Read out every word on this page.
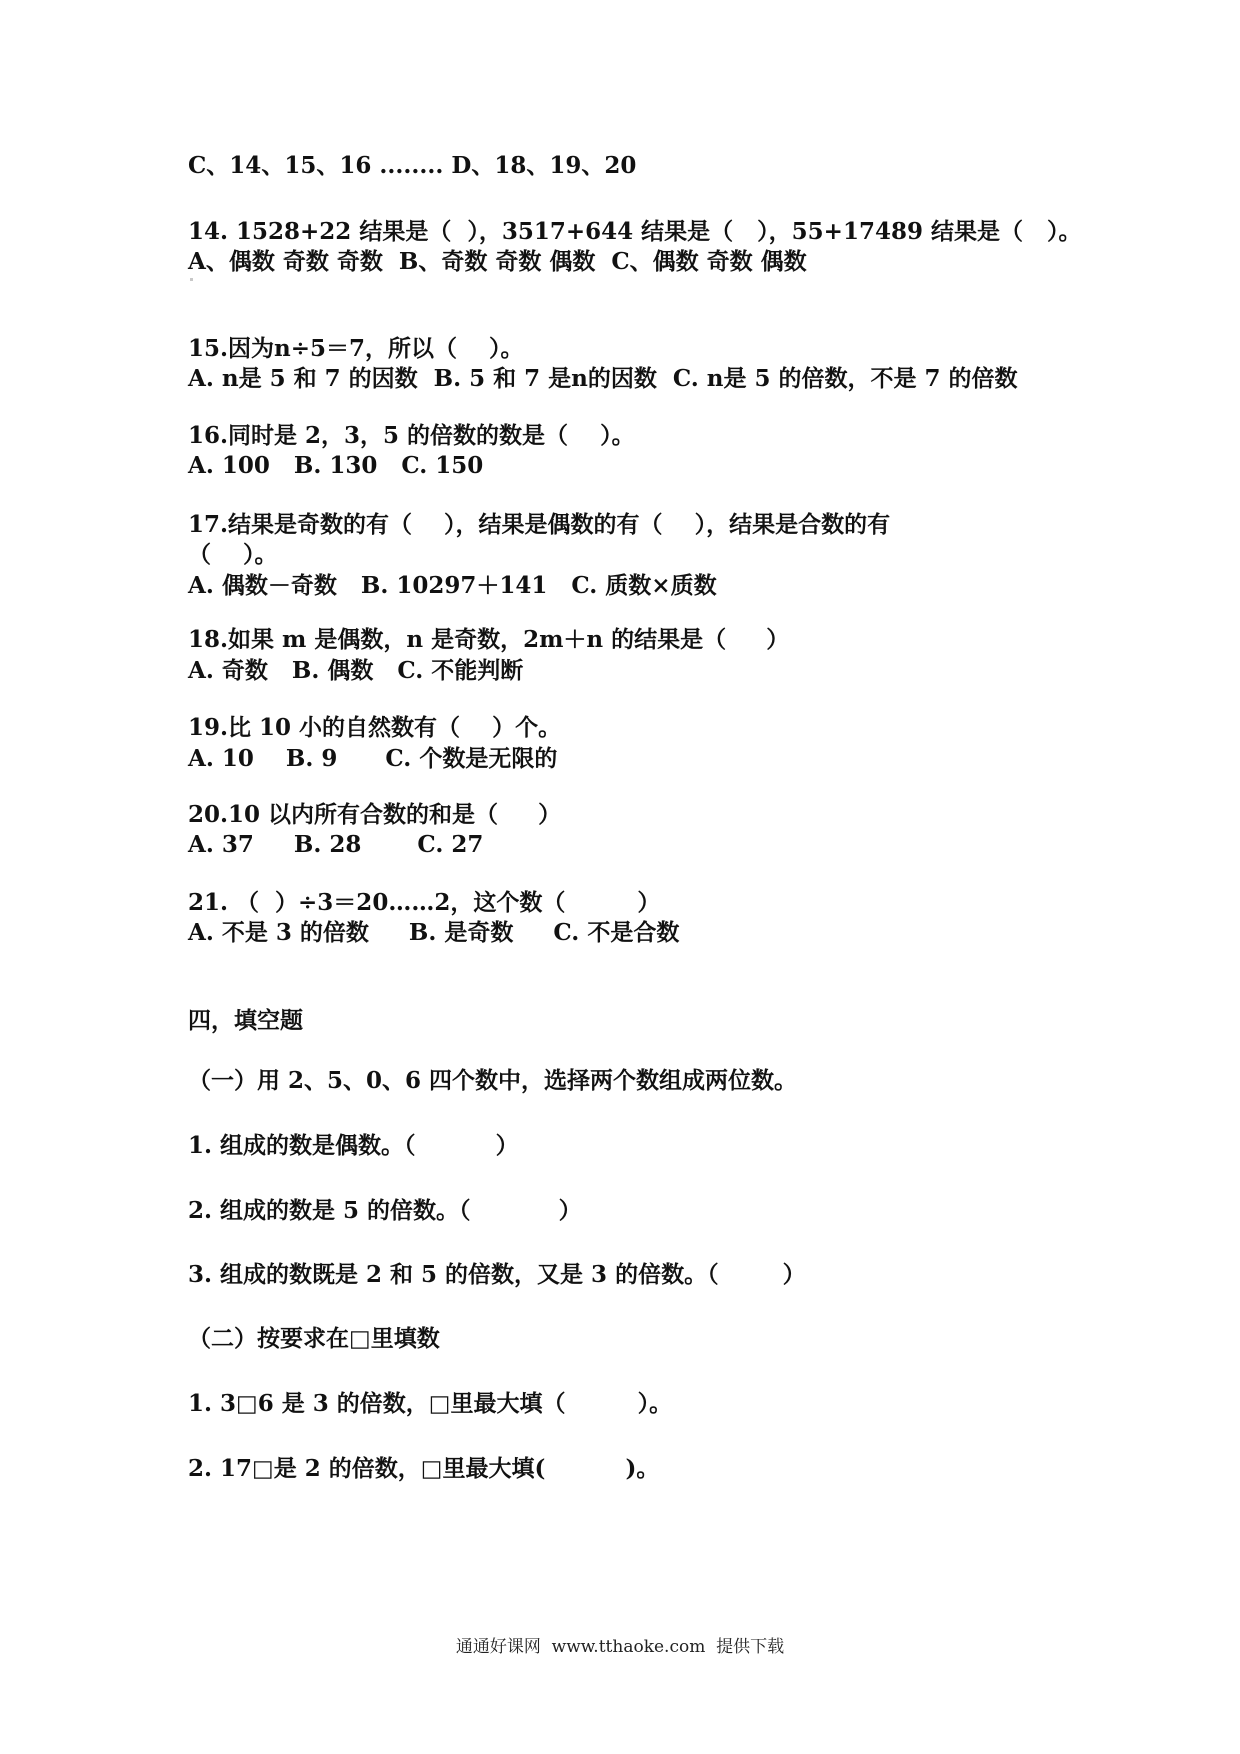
C、14、15、16 ........ D、18、19、20
14. 1528+22 结果是（  ），3517+644 结果是（   ），55+17489 结果是（   ）。
A、偶数 奇数 奇数  B、奇数 奇数 偶数  C、偶数 奇数 偶数
15.因为n÷5＝7，所以（    ）。
A. n是 5 和 7 的因数  B. 5 和 7 是n的因数  C. n是 5 的倍数，不是 7 的倍数
16.同时是 2，3，5 的倍数的数是（    ）。
A. 100   B. 130   C. 150
17.结果是奇数的有（    ），结果是偶数的有（    ），结果是合数的有
（    ）。
A. 偶数－奇数   B. 10297＋141   C. 质数×质数
18.如果 m 是偶数，n 是奇数，2m＋n 的结果是（     ）
A. 奇数   B. 偶数   C. 不能判断
19.比 10 小的自然数有（    ）个。
A. 10    B. 9      C. 个数是无限的
20.10 以内所有合数的和是（     ）
A. 37     B. 28       C. 27
21. （  ）÷3＝20……2，这个数（         ）
A. 不是 3 的倍数     B. 是奇数     C. 不是合数
四，填空题
（一）用 2、5、0、6 四个数中，选择两个数组成两位数。
1. 组成的数是偶数。（          ）
2. 组成的数是 5 的倍数。（           ）
3. 组成的数既是 2 和 5 的倍数，又是 3 的倍数。（        ）
（二）按要求在□里填数
1. 3□6 是 3 的倍数，□里最大填（         ）。
2. 17□是 2 的倍数，□里最大填(          )。
通通好课网  www.tthaoke.com  提供下载
